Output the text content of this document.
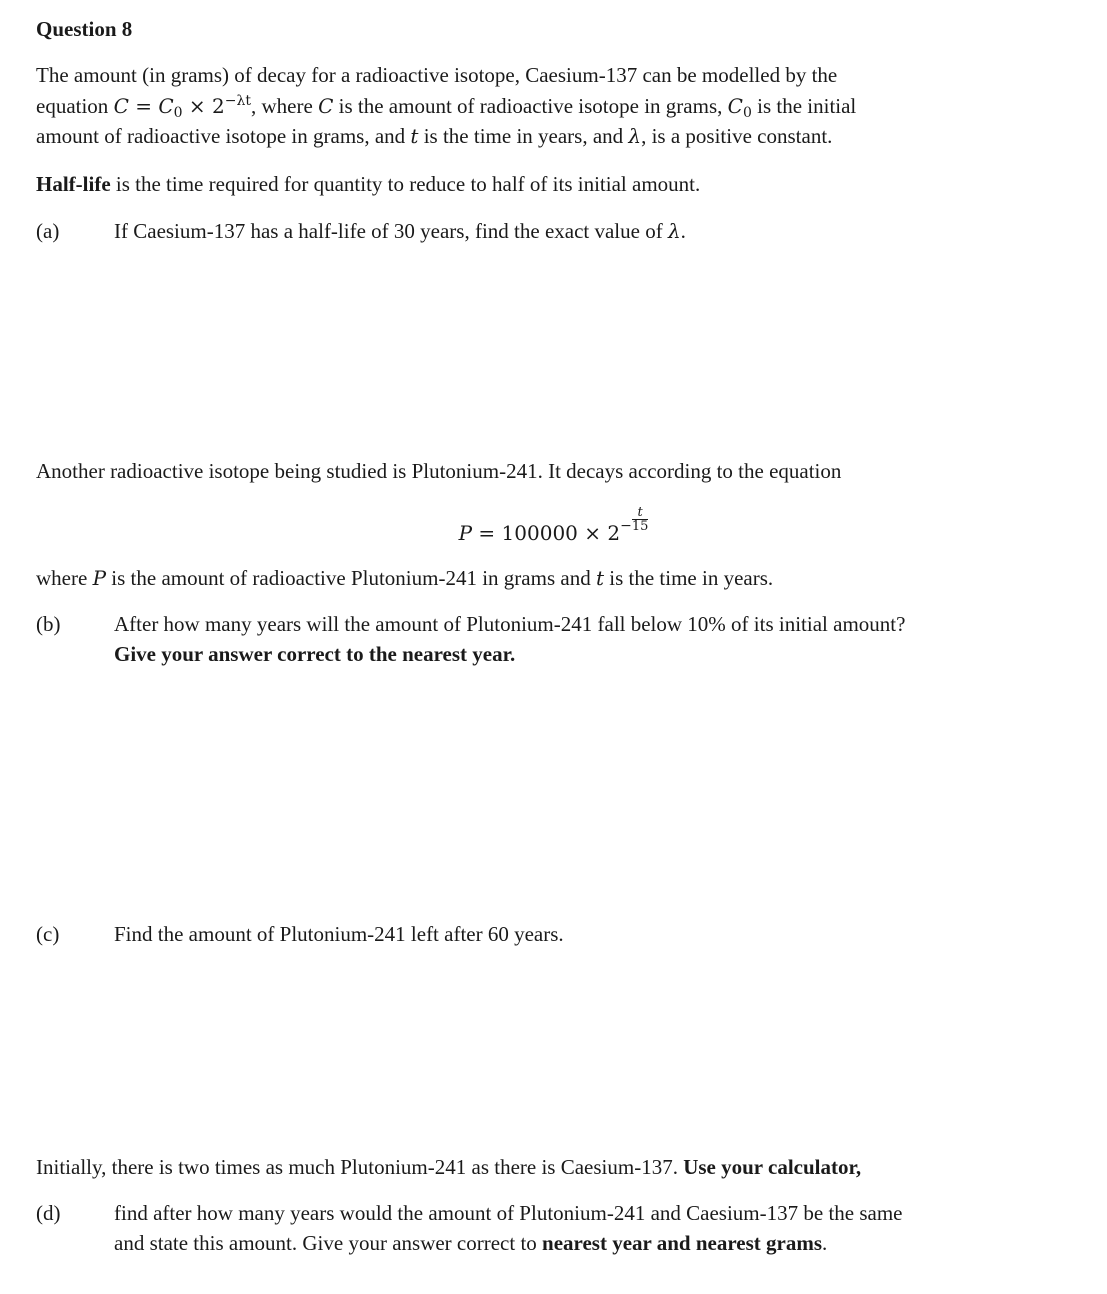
Question 8
The amount (in grams) of decay for a radioactive isotope, Caesium-137 can be modelled by the
equation $C = C_0 \times 2^{-\lambda t}$, where C is the amount of radioactive isotope in grams, $C_0$ is the initial
amount of radioactive isotope in grams, and t is the time in years, and λ, is a positive constant.
Half-life is the time required for quantity to reduce to half of its initial amount.
(a)	If Caesium-137 has a half-life of 30 years, find the exact value of λ.
Another radioactive isotope being studied is Plutonium-241. It decays according to the equation
$P = 100000 \times 2^- \frac{t}{15}$
where P is the amount of radioactive Plutonium-241 in grams and t is the time in years.
(b)	After how many years will the amount of Plutonium-241 fall below 10% of its initial amount?
Give your answer correct to the nearest year.
(c)	Find the amount of Plutonium-241 left after 60 years.
Initially, there is two times as much Plutonium-241 as there is Caesium-137. Use your calculator,
(d)	find after how many years would the amount of Plutonium-241 and Caesium-137 be the same
and state this amount. Give your answer correct to nearest year and nearest grams.
